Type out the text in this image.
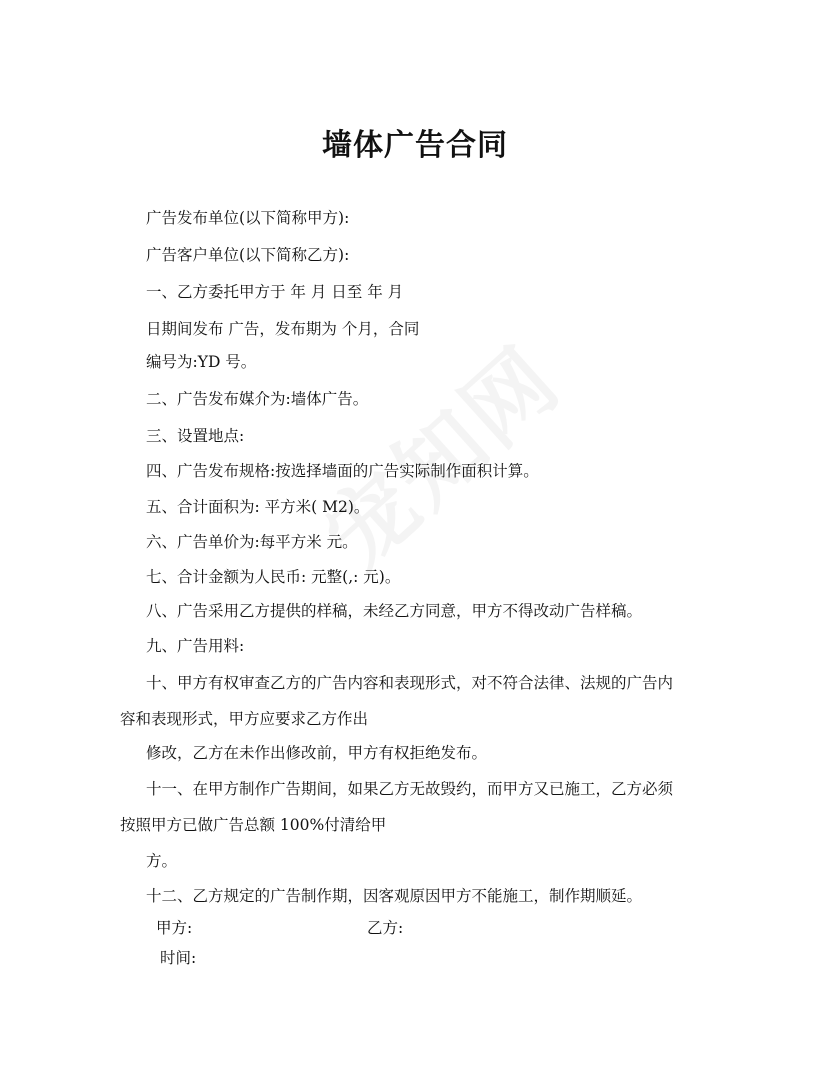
墙体广告合同
广告发布单位(以下简称甲方):
广告客户单位(以下简称乙方):
一、乙方委托甲方于 年 月 日至 年 月
日期间发布 广告，发布期为 个月，合同
编号为:YD 号。
二、广告发布媒介为:墙体广告。
三、设置地点:
四、广告发布规格:按选择墙面的广告实际制作面积计算。
五、合计面积为: 平方米( M2)。
六、广告单价为:每平方米 元。
七、合计金额为人民币: 元整(,: 元)。
八、广告采用乙方提供的样稿，未经乙方同意，甲方不得改动广告样稿。
九、广告用料:
十、甲方有权审查乙方的广告内容和表现形式，对不符合法律、法规的广告内
容和表现形式，甲方应要求乙方作出
修改，乙方在未作出修改前，甲方有权拒绝发布。
十一、在甲方制作广告期间，如果乙方无故毁约，而甲方又已施工，乙方必须
按照甲方已做广告总额 100%付清给甲
方。
十二、乙方规定的广告制作期，因客观原因甲方不能施工，制作期顺延。
甲方:	乙方:
时间:
